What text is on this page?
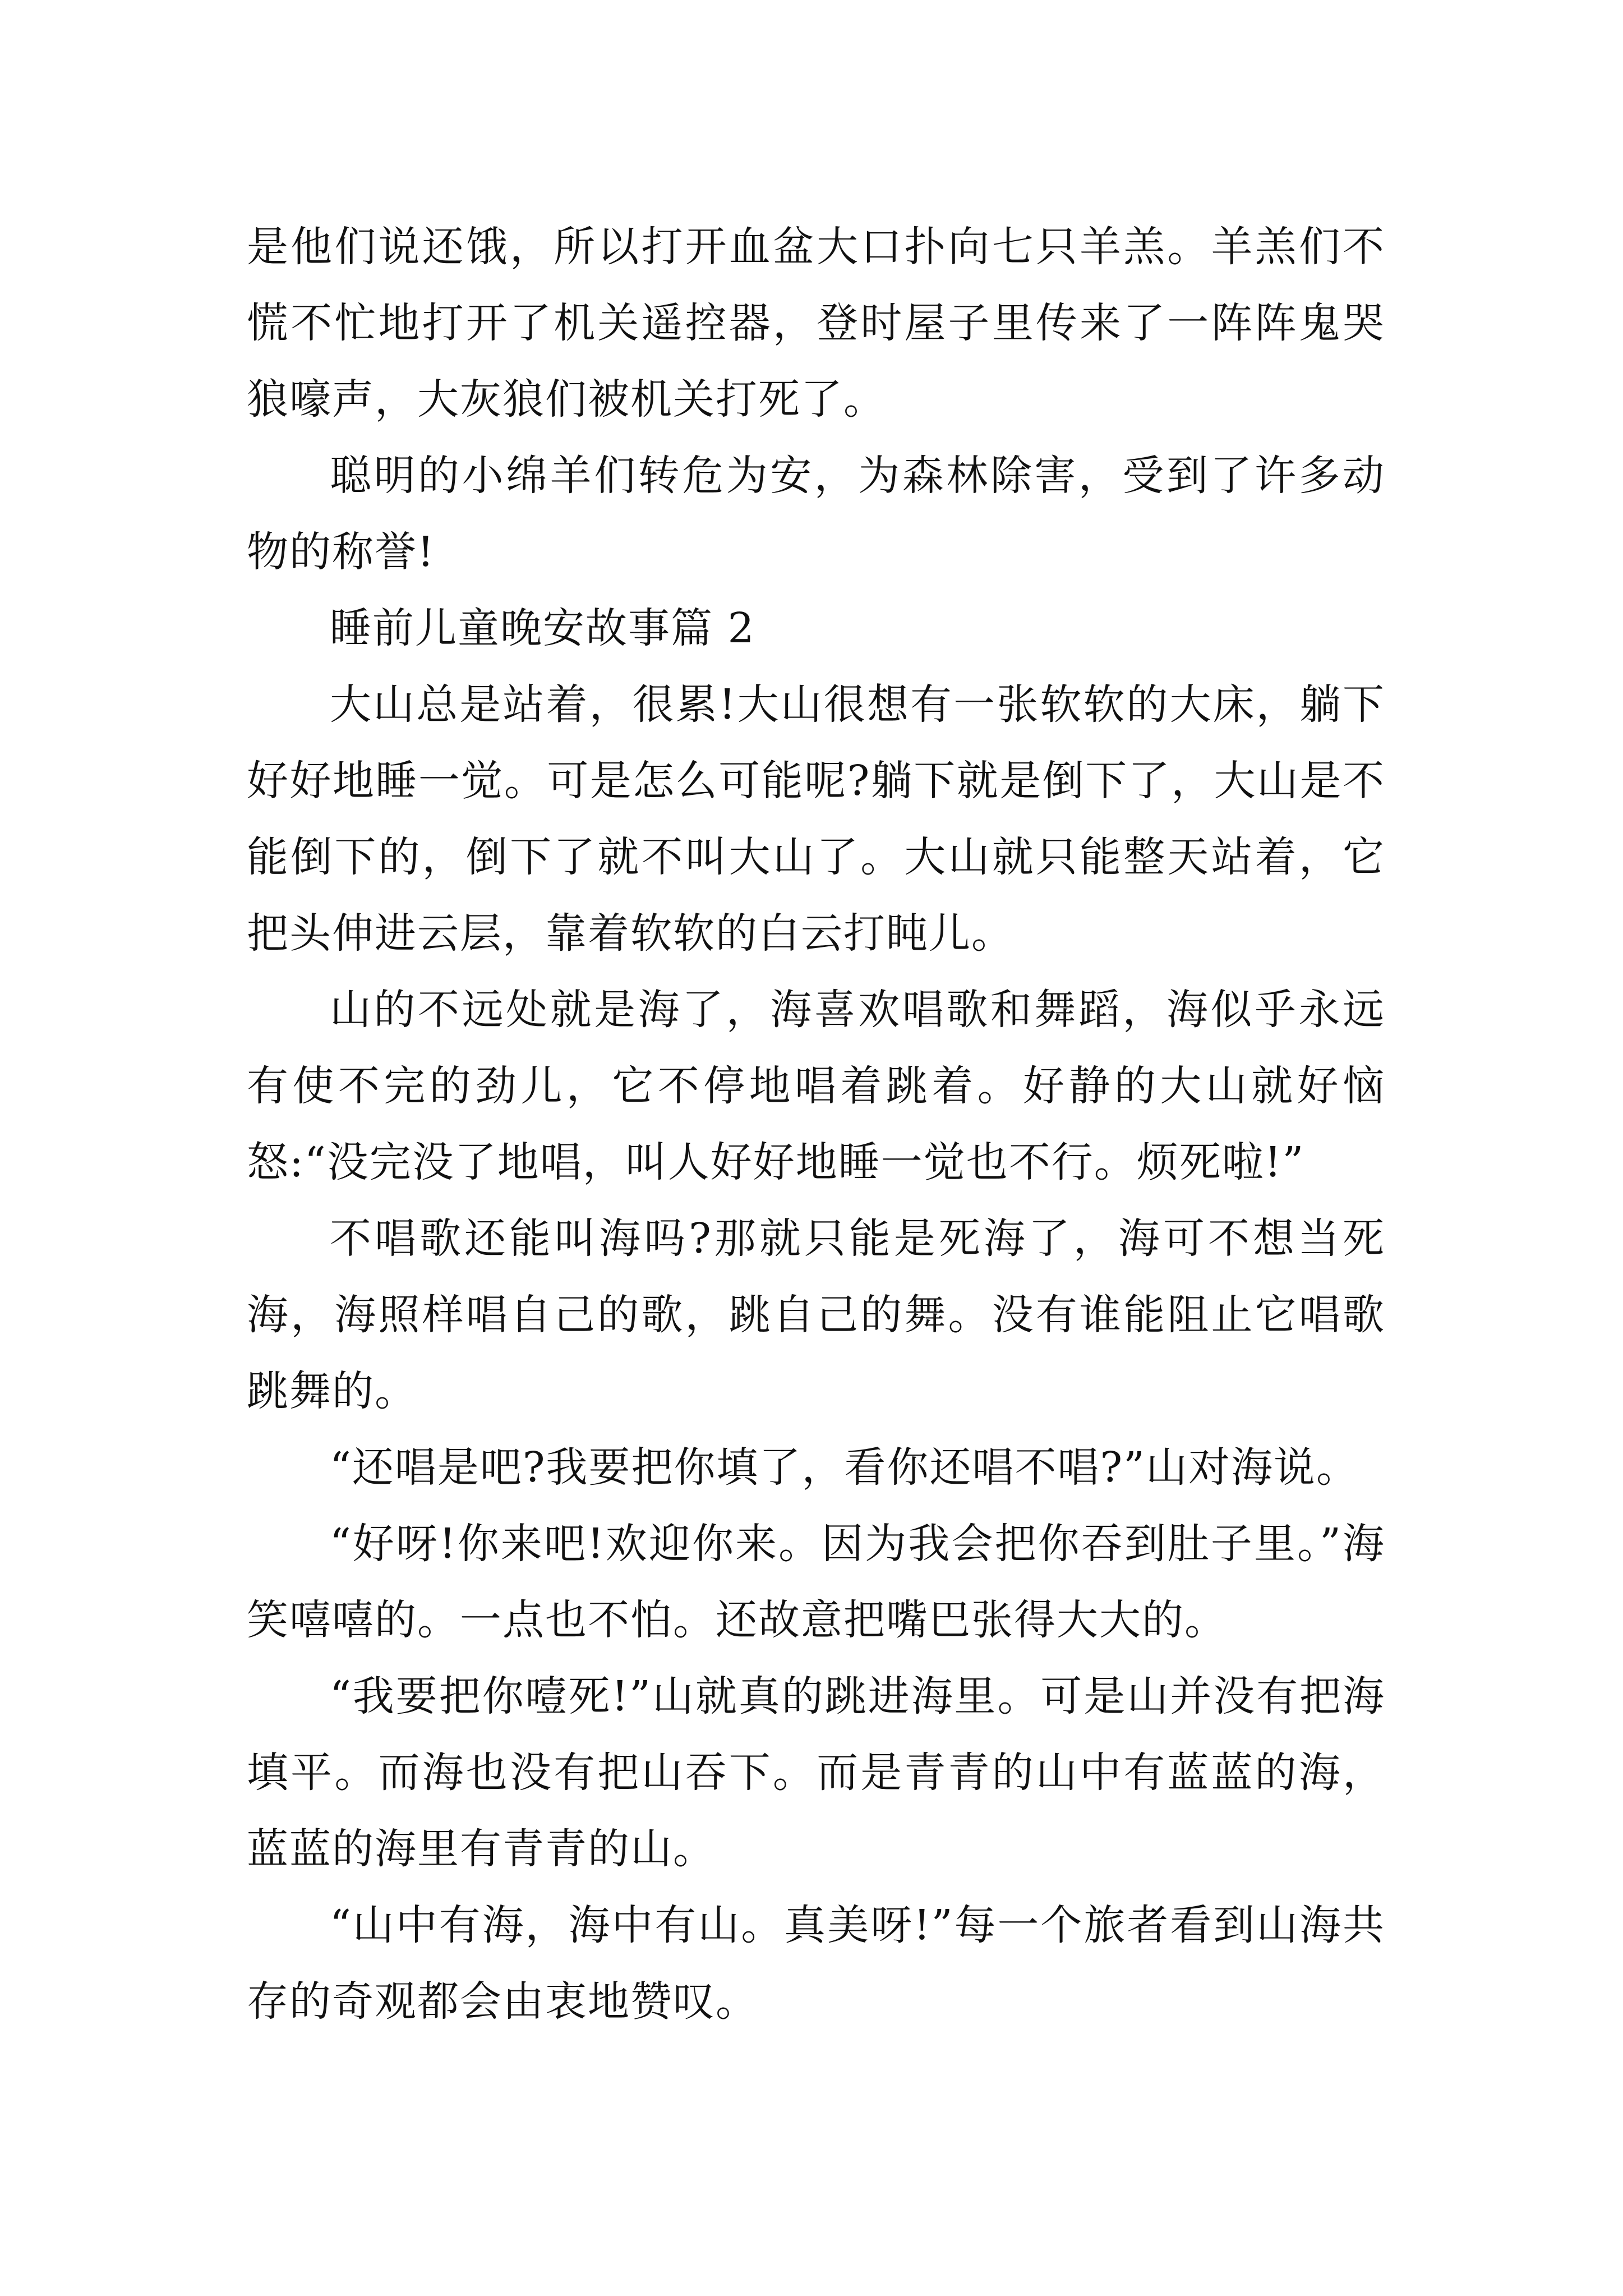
是他们说还饿，所以打开血盆大口扑向七只羊羔。羊羔们不慌不忙地打开了机关遥控器，登时屋子里传来了一阵阵鬼哭狼嚎声，大灰狼们被机关打死了。

聪明的小绵羊们转危为安，为森林除害，受到了许多动物的称誉!

睡前儿童晚安故事篇 2

大山总是站着，很累!大山很想有一张软软的大床，躺下好好地睡一觉。可是怎么可能呢?躺下就是倒下了，大山是不能倒下的，倒下了就不叫大山了。大山就只能整天站着，它把头伸进云层，靠着软软的白云打盹儿。

山的不远处就是海了，海喜欢唱歌和舞蹈，海似乎永远有使不完的劲儿，它不停地唱着跳着。好静的大山就好恼怒:“没完没了地唱，叫人好好地睡一觉也不行。烦死啦!”

不唱歌还能叫海吗?那就只能是死海了，海可不想当死海，海照样唱自己的歌，跳自己的舞。没有谁能阻止它唱歌跳舞的。

“还唱是吧?我要把你填了，看你还唱不唱?”山对海说。

“好呀!你来吧!欢迎你来。因为我会把你吞到肚子里。”海笑嘻嘻的。一点也不怕。还故意把嘴巴张得大大的。

“我要把你噎死!”山就真的跳进海里。可是山并没有把海填平。而海也没有把山吞下。而是青青的山中有蓝蓝的海，蓝蓝的海里有青青的山。

“山中有海，海中有山。真美呀!”每一个旅者看到山海共存的奇观都会由衷地赞叹。
